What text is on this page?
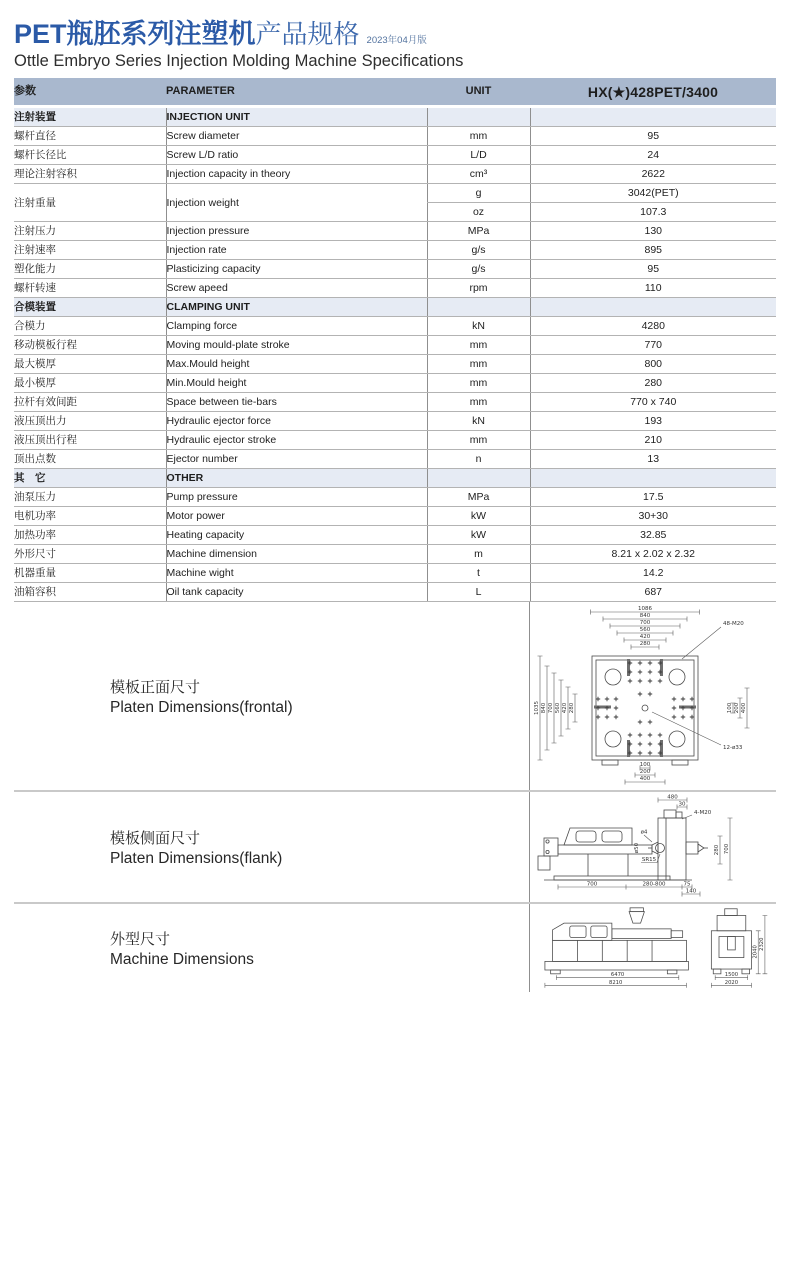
PET瓶胚系列注塑机产品规格 2023年04月版
Ottle Embryo Series Injection Molding Machine Specifications
参数	PARAMETER	UNIT	HX(★)428PET/3400
注射装置	INJECTION UNIT		
螺杆直径	Screw diameter	mm	95
螺杆长径比	Screw L/D ratio	L/D	24
理论注射容积	Injection capacity in theory	cm³	2622
注射重量	Injection weight	g	3042(PET)
		oz	107.3
注射压力	Injection pressure	MPa	130
注射速率	Injection rate	g/s	895
塑化能力	Plasticizing capacity	g/s	95
螺杆转速	Screw apeed	rpm	110
合模装置	CLAMPING UNIT		
合模力	Clamping force	kN	4280
移动模板行程	Moving mould-plate stroke	mm	770
最大模厚	Max.Mould height	mm	800
最小模厚	Min.Mould height	mm	280
拉杆有效间距	Space between tie-bars	mm	770 x 740
液压顶出力	Hydraulic ejector force	kN	193
液压顶出行程	Hydraulic ejector stroke	mm	210
顶出点数	Ejector number	n	13
其　它	OTHER		
油泵压力	Pump pressure	MPa	17.5
电机功率	Motor power	kW	30+30
加热功率	Heating capacity	kW	32.85
外形尺寸	Machine dimension	m	8.21 x 2.02 x 2.32
机器重量	Machine wight	t	14.2
油箱容积	Oil tank capacity	L	687
模板正面尺寸
Platen Dimensions(frontal)
1086
840
700
560
420
280
1035 840 700 560 420 280	100 200 400
100
200
400
48-M20
12-ø33
模板侧面尺寸
Platen Dimensions(flank)
480
30
4-M20
ø4
ø50
SR15
700
280
700	280-800	75
140
外型尺寸
Machine Dimensions
6470
8210
1500
2020
2040
2320
